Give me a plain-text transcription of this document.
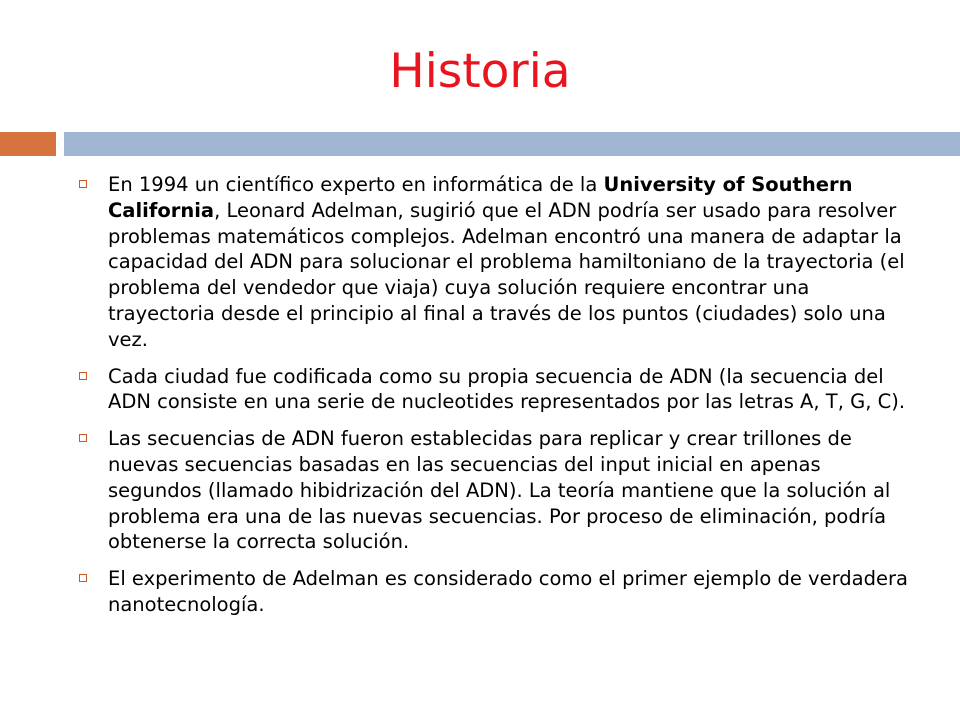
Historia
En 1994 un científico experto en informática de la University of Southern California, Leonard Adelman, sugirió que el ADN podría ser usado para resolver problemas matemáticos complejos. Adelman encontró una manera de adaptar la capacidad del ADN para solucionar el problema hamiltoniano de la trayectoria (el problema del vendedor que viaja) cuya solución requiere encontrar una trayectoria desde el principio al final a través de los puntos (ciudades) solo una vez.
Cada ciudad fue codificada como su propia secuencia de ADN (la secuencia del ADN consiste en una serie de nucleotides representados por las letras A, T, G, C).
Las secuencias de ADN fueron establecidas para replicar y crear trillones de nuevas secuencias basadas en las secuencias del input inicial en apenas segundos (llamado hibidrización del ADN). La teoría mantiene que la solución al problema era una de las nuevas secuencias. Por proceso de eliminación, podría obtenerse la correcta solución.
El experimento de Adelman es considerado como el primer ejemplo de verdadera nanotecnología.
